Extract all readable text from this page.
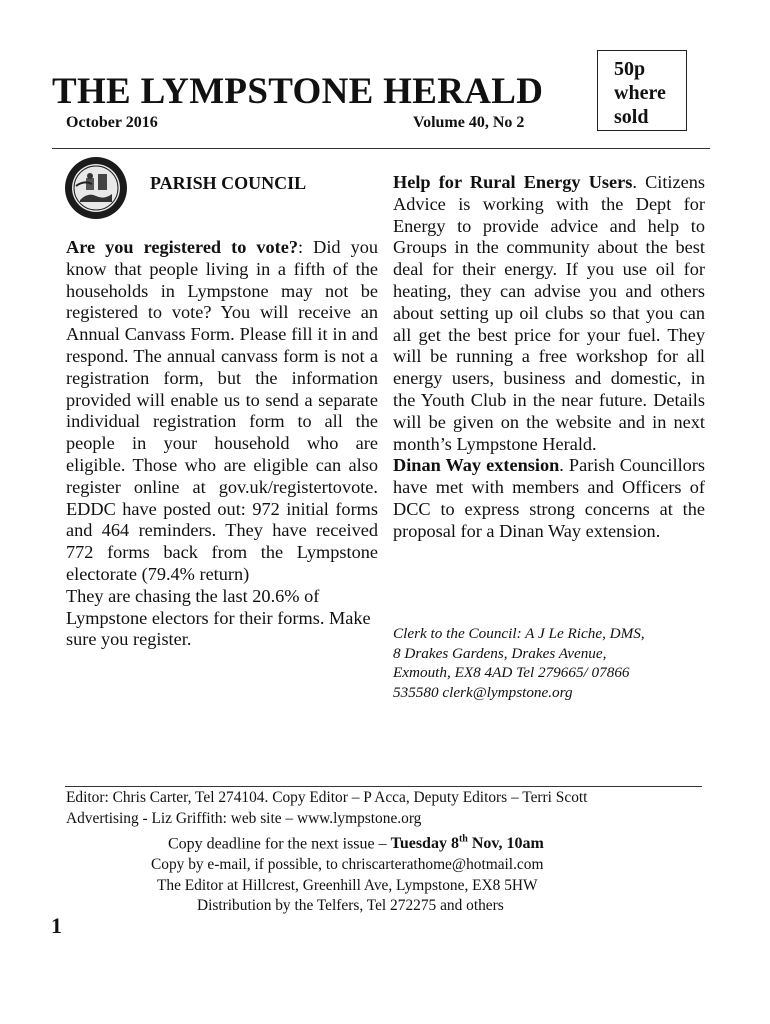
THE LYMPSTONE HERALD
50p
where
sold
October 2016	Volume 40, No 2
PARISH COUNCIL

Are you registered to vote?: Did you know that people living in a fifth of the households in Lympstone may not be registered to vote? You will receive an Annual Canvass Form. Please fill it in and respond. The annual canvass form is not a registration form, but the information provided will enable us to send a separate individual registration form to all the people in your household who are eligible. Those who are eligible can also register online at gov.uk/registertovote. EDDC have posted out: 972 initial forms and 464 reminders. They have received 772 forms back from the Lympstone electorate (79.4% return)

They are chasing the last 20.6% of Lympstone electors for their forms. Make sure you register.

Help for Rural Energy Users. Citizens Advice is working with the Dept for Energy to provide advice and help to Groups in the community about the best deal for their energy. If you use oil for heating, they can advise you and others about setting up oil clubs so that you can all get the best price for your fuel. They will be running a free workshop for all energy users, business and domestic, in the Youth Club in the near future. Details will be given on the website and in next month’s Lympstone Herald.

Dinan Way extension. Parish Councillors have met with members and Officers of DCC to express strong concerns at the proposal for a Dinan Way extension.

Clerk to the Council: A J Le Riche, DMS,
8 Drakes Gardens, Drakes Avenue,
Exmouth, EX8 4AD Tel 279665/ 07866
535580 clerk@lympstone.org
Editor: Chris Carter, Tel 274104. Copy Editor – P Acca, Deputy Editors – Terri Scott
Advertising - Liz Griffith: web site – www.lympstone.org
Copy deadline for the next issue – Tuesday 8th Nov, 10am
Copy by e-mail, if possible, to chriscarterathome@hotmail.com
The Editor at Hillcrest, Greenhill Ave, Lympstone, EX8 5HW
Distribution by the Telfers, Tel 272275 and others
1
